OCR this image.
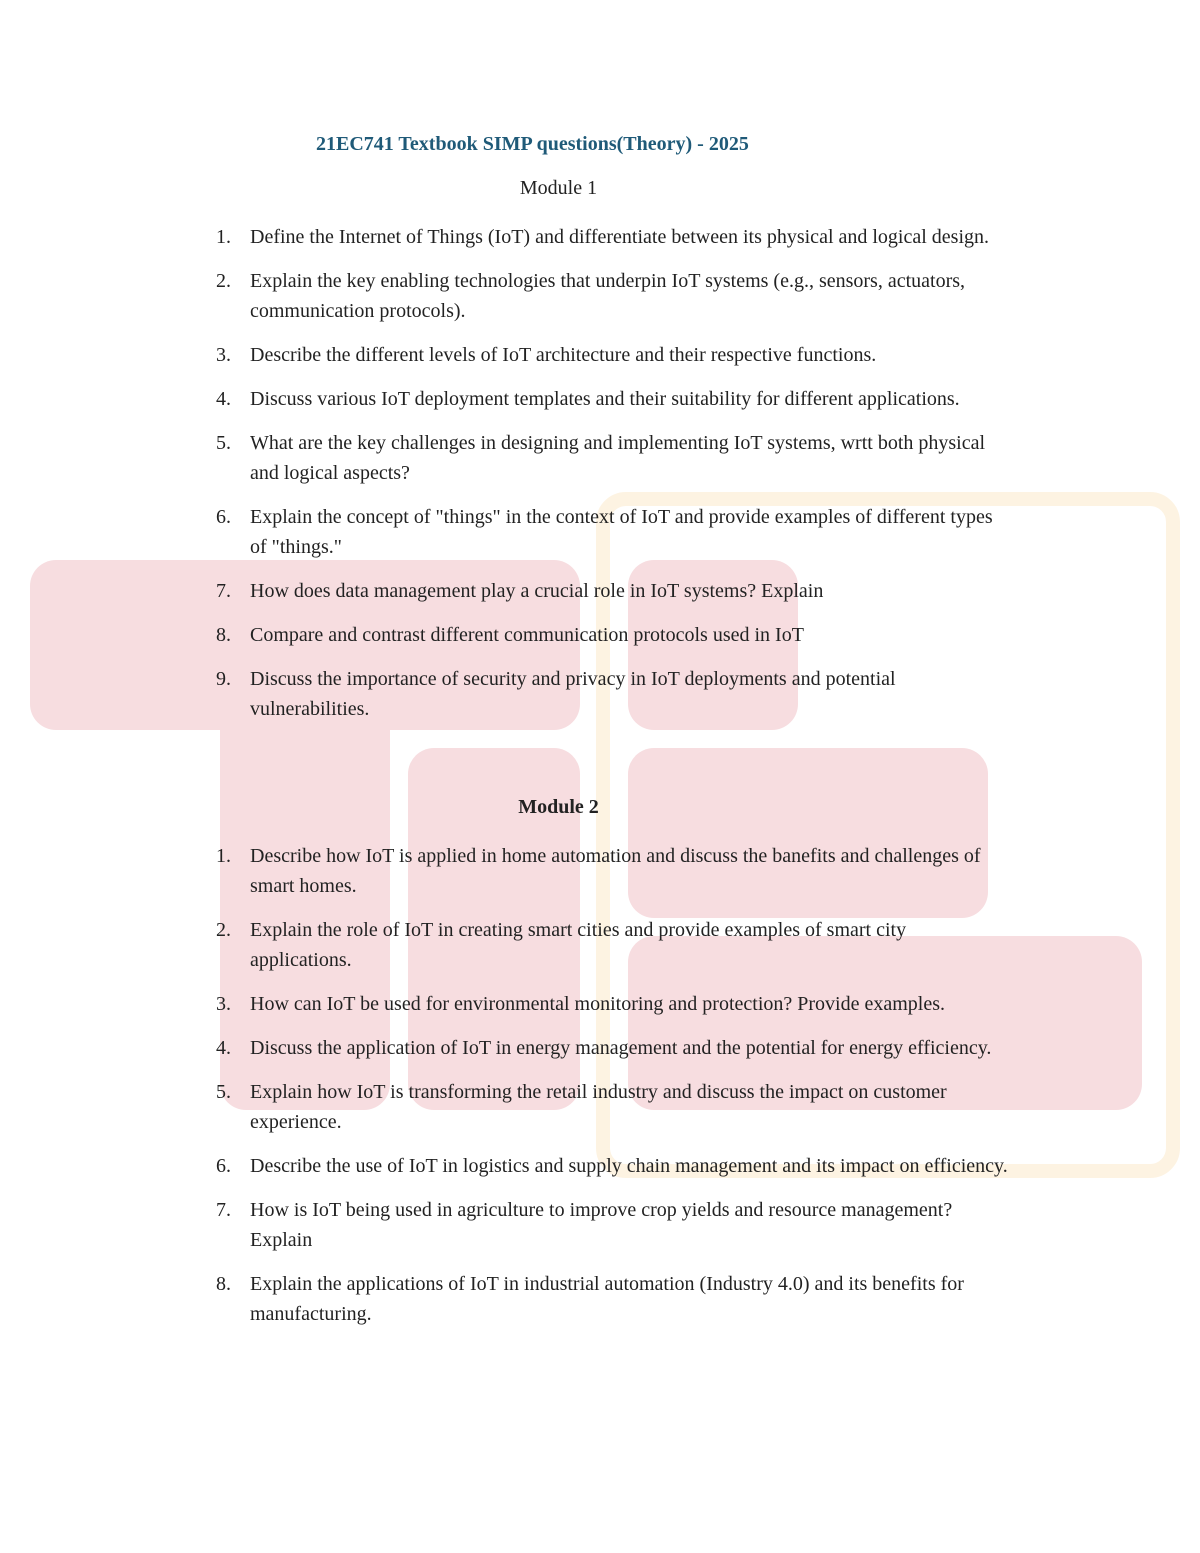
21EC741 Textbook SIMP questions(Theory) - 2025
Module 1
1. Define the Internet of Things (IoT) and differentiate between its physical and logical design.
2. Explain the key enabling technologies that underpin IoT systems (e.g., sensors, actuators, communication protocols).
3. Describe the different levels of IoT architecture and their respective functions.
4. Discuss various IoT deployment templates and their suitability for different applications.
5. What are the key challenges in designing and implementing IoT systems, wrtt both physical and logical aspects?
6. Explain the concept of "things" in the context of IoT and provide examples of different types of "things."
7. How does data management play a crucial role in IoT systems? Explain
8. Compare and contrast different communication protocols used in IoT
9. Discuss the importance of security and privacy in IoT deployments and potential vulnerabilities.
Module 2
1. Describe how IoT is applied in home automation and discuss the banefits and challenges of smart homes.
2. Explain the role of IoT in creating smart cities and provide examples of smart city applications.
3. How can IoT be used for environmental monitoring and protection? Provide examples.
4. Discuss the application of IoT in energy management and the potential for energy efficiency.
5. Explain how IoT is transforming the retail industry and discuss the impact on customer experience.
6. Describe the use of IoT in logistics and supply chain management and its impact on efficiency.
7. How is IoT being used in agriculture to improve crop yields and resource management? Explain
8. Explain the applications of IoT in industrial automation (Industry 4.0) and its benefits for manufacturing.
